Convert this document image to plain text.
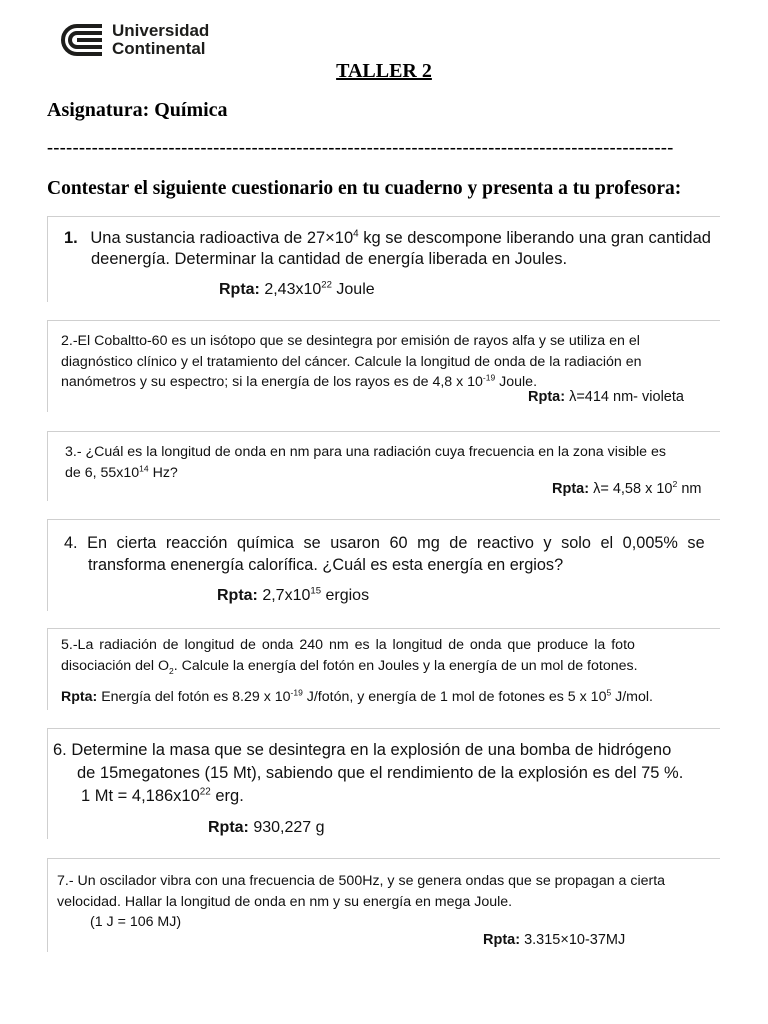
Universidad
Continental
TALLER 2
Asignatura: Química
--------------------------------------------------------------------------------------------------
Contestar el siguiente cuestionario en tu cuaderno y presenta a tu profesora:
1. Una sustancia radioactiva de $27\times 10^4$ kg se descompone liberando una gran cantidad
deenergía. Determinar la cantidad de energía liberada en Joules.
Rpta: $2,43x10^{22}$ Joule
2.-El Cobaltto-60 es un isótopo que se desintegra por emisión de rayos alfa y se utiliza en el
diagnóstico clínico y el tratamiento del cáncer. Calcule la longitud de onda de la radiación en
nanómetros y su espectro; si la energía de los rayos es de 4,8 x $10^{-19}$ Joule.
Rpta: λ=414 nm- violeta
3.- ¿Cuál es la longitud de onda en nm para una radiación cuya frecuencia en la zona visible es
de 6, $55x10^{14}$ Hz?
Rpta: λ= 4,58 x $10^2$ nm
4. En cierta reacción química se usaron 60 mg de reactivo y solo el 0,005% se
transforma enenergía calorífica. ¿Cuál es esta energía en ergios?
Rpta: $2,7x10^{15}$ ergios
5.-La radiación de longitud de onda 240 nm es la longitud de onda que produce la foto
disociación del $O_2$. Calcule la energía del fotón en Joules y la energía de un mol de fotones.
Rpta: Energía del fotón es 8.29 x $10^{-19}$ J/fotón, y energía de 1 mol de fotones es 5 x $10^5$ J/mol.
6. Determine la masa que se desintegra en la explosión de una bomba de hidrógeno
de 15megatones (15 Mt), sabiendo que el rendimiento de la explosión es del 75 %.
1 $Mt = 4,186x10^{22}$ erg.
Rpta: 930,227 g
7.- Un oscilador vibra con una frecuencia de 500Hz, y se genera ondas que se propagan a cierta
velocidad. Hallar la longitud de onda en nm y su energía en mega Joule.
(1 J = 106 MJ)
Rpta: 3.315×10-37MJ
